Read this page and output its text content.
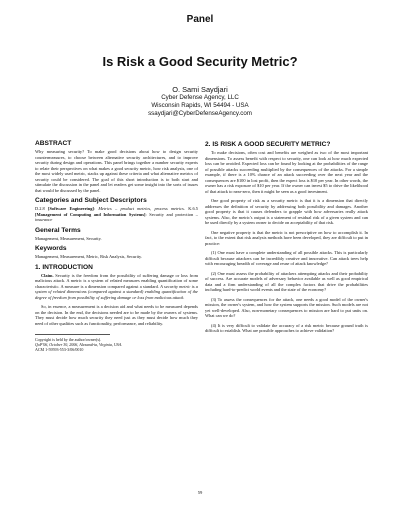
Panel
Is Risk a Good Security Metric?
O. Sami Saydjari
Cyber Defense Agency, LLC
Wisconsin Rapids, WI 54494 - USA
ssaydjari@CyberDefenseAgency.com
ABSTRACT

Why measuring security? To make good decisions about how to design security countermeasures, to choose between alternative security architectures, and to improve security during design and operations. This panel brings together a number security experts to relate their perspectives on what makes a good security metric, how risk analysis, one of the most widely used metric, stacks up against these criteria and what alternative metrics of security could be considered. The goal of this short introduction is to both start and stimulate the discussion in the panel and let readers get some insight into the sorts of issues that would be discussed by the panel.

Categories and Subject Descriptors

D.2.8 [Software Engineering]: Metrics – product metrics, process metrics. K.6.5 [Management of Computing and Information Systems]: Security and protection – insurance

General Terms

Management, Measurement, Security.

Keywords

Management, Measurement, Metric, Risk Analysis, Security.

1. INTRODUCTION

Claim. Security is the freedom from the possibility of suffering damage or loss from malicious attack. A metric is a system of related measures enabling quantification of some characteristic. A measure is a dimension compared against a standard. A security metric is a system of related dimensions (compared against a standard) enabling quantification of the degree of freedom from possibility of suffering damage or loss from malicious attack.

So, in essence, a measurement is a decision aid and what needs to be measured depends on the decision. In the end, the decisions needed are to be made by the owners of systems. They must decide how much security they need just as they must decide how much they need of other qualities such as functionality, performance, and reliability.

Copyright is held by the author/owner(s).
QoP'06, October 30, 2006, Alexandria, Virginia, USA.
ACM 1-59593-553-3/06/0010
2. IS RISK A GOOD SECURITY METRIC?

To make decisions, often cost and benefits are weighed as two of the most important dimensions. To assess benefit with respect to security, one can look at how much expected loss can be avoided. Expected loss can be found by looking at the probabilities of the range of possible attacks succeeding multiplied by the consequences of the attacks. For a simple example, if there is a 10% chance of an attack succeeding over the next year and the consequences are $100 in lost profit, then the expect loss is $10 per year. In other words, the owner has a risk exposure of $10 per year. If the owner can invest $5 to drive the likelihood of that attack to near-zero, then it might be seen as a good investment.

One good property of risk as a security metric is that it is a dimension that directly addresses the definition of security by addressing both possibility and damages. Another good property is that it causes defenders to grapple with how adversaries really attack systems. Also, the metric's output is a statement of residual risk of a given system and can be used directly by a system owner to decide on acceptability of that risk.

One negative property is that the metric is not prescriptive on how to accomplish it. In fact, to the extent that risk analysis methods have been developed, they are difficult to put in practice:

(1) One must have a complete understanding of all possible attacks. This is particularly difficult because attackers can be incredibly creative and innovative. Can attack trees help with encouraging breadth of coverage and reuse of attack knowledge?

(2) One must assess the probability of attackers attempting attacks and their probability of success. Are accurate models of adversary behavior available as well as good empirical data and a firm understanding of all the complex factors that drive the probabilities including hard-to-predict world events and the state of the economy?

(3) To assess the consequences for the attack, one needs a good model of the owner's mission, the owner's system, and how the system supports the mission. Such models are not yet well-developed. Also, non-monetary consequences to mission are hard to put units on. What can we do?

(4) It is very difficult to validate the accuracy of a risk metric because ground truth is difficult to establish. What are possible approaches to achieve validation?

59
